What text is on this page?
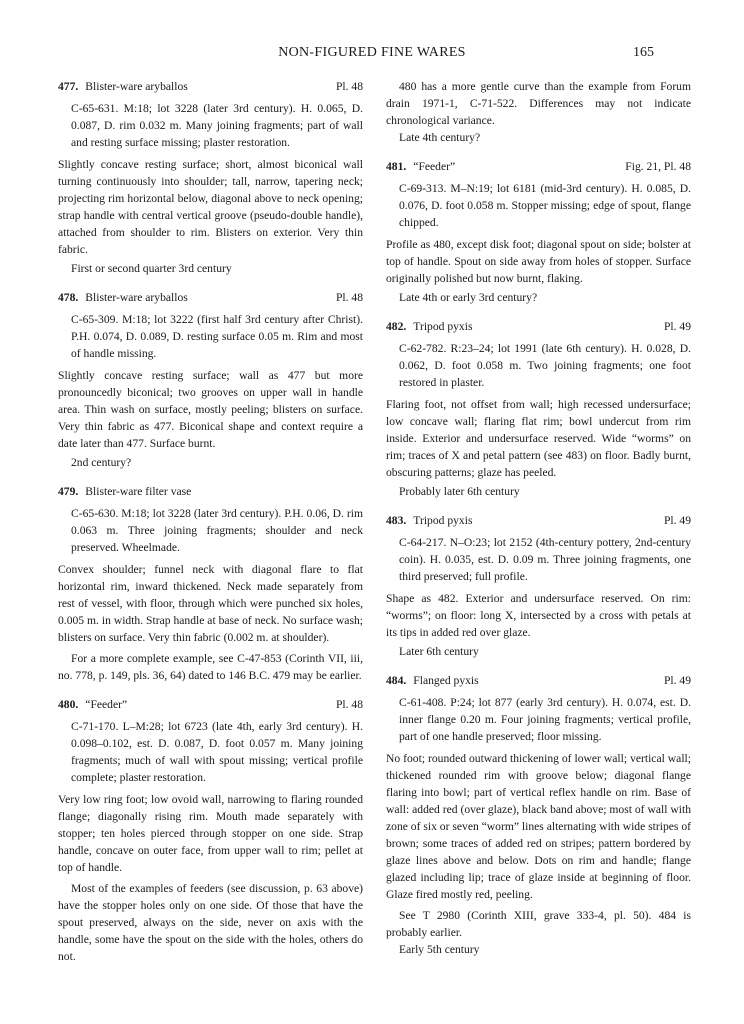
NON-FIGURED FINE WARES	165
477. Blister-ware aryballos	Pl. 48

C-65-631. M:18; lot 3228 (later 3rd century). H. 0.065, D. 0.087, D. rim 0.032 m. Many joining fragments; part of wall and resting surface missing; plaster restoration.

Slightly concave resting surface; short, almost biconical wall turning continuously into shoulder; tall, narrow, tapering neck; projecting rim horizontal below, diagonal above to neck opening; strap handle with central vertical groove (pseudo-double handle), attached from shoulder to rim. Blisters on exterior. Very thin fabric.

First or second quarter 3rd century

478. Blister-ware aryballos	Pl. 48

C-65-309. M:18; lot 3222 (first half 3rd century after Christ). P.H. 0.074, D. 0.089, D. resting surface 0.05 m. Rim and most of handle missing.

Slightly concave resting surface; wall as 477 but more pronouncedly biconical; two grooves on upper wall in handle area. Thin wash on surface, mostly peeling; blisters on surface. Very thin fabric as 477. Biconical shape and context require a date later than 477. Surface burnt.

2nd century?

479. Blister-ware filter vase

C-65-630. M:18; lot 3228 (later 3rd century). P.H. 0.06, D. rim 0.063 m. Three joining fragments; shoulder and neck preserved. Wheelmade.

Convex shoulder; funnel neck with diagonal flare to flat horizontal rim, inward thickened. Neck made separately from rest of vessel, with floor, through which were punched six holes, 0.005 m. in width. Strap handle at base of neck. No surface wash; blisters on surface. Very thin fabric (0.002 m. at shoulder).

For a more complete example, see C-47-853 (Corinth VII, iii, no. 778, p. 149, pls. 36, 64) dated to 146 B.C. 479 may be earlier.

480. “Feeder”	Pl. 48

C-71-170. L–M:28; lot 6723 (late 4th, early 3rd century). H. 0.098–0.102, est. D. 0.087, D. foot 0.057 m. Many joining fragments; much of wall with spout missing; vertical profile complete; plaster restoration.

Very low ring foot; low ovoid wall, narrowing to flaring rounded flange; diagonally rising rim. Mouth made separately with stopper; ten holes pierced through stopper on one side. Strap handle, concave on outer face, from upper wall to rim; pellet at top of handle.

Most of the examples of feeders (see discussion, p. 63 above) have the stopper holes only on one side. Of those that have the spout preserved, always on the side, never on axis with the handle, some have the spout on the side with the holes, others do not.

480 has a more gentle curve than the example from Forum drain 1971-1, C-71-522. Differences may not indicate chronological variance.

Late 4th century?

481. “Feeder”	Fig. 21, Pl. 48

C-69-313. M–N:19; lot 6181 (mid-3rd century). H. 0.085, D. 0.076, D. foot 0.058 m. Stopper missing; edge of spout, flange chipped.

Profile as 480, except disk foot; diagonal spout on side; bolster at top of handle. Spout on side away from holes of stopper. Surface originally polished but now burnt, flaking.

Late 4th or early 3rd century?

482. Tripod pyxis	Pl. 49

C-62-782. R:23–24; lot 1991 (late 6th century). H. 0.028, D. 0.062, D. foot 0.058 m. Two joining fragments; one foot restored in plaster.

Flaring foot, not offset from wall; high recessed undersurface; low concave wall; flaring flat rim; bowl undercut from rim inside. Exterior and undersurface reserved. Wide “worms” on rim; traces of X and petal pattern (see 483) on floor. Badly burnt, obscuring patterns; glaze has peeled.

Probably later 6th century

483. Tripod pyxis	Pl. 49

C-64-217. N–O:23; lot 2152 (4th-century pottery, 2nd-century coin). H. 0.035, est. D. 0.09 m. Three joining fragments, one third preserved; full profile.

Shape as 482. Exterior and undersurface reserved. On rim: “worms”; on floor: long X, intersected by a cross with petals at its tips in added red over glaze.

Later 6th century

484. Flanged pyxis	Pl. 49

C-61-408. P:24; lot 877 (early 3rd century). H. 0.074, est. D. inner flange 0.20 m. Four joining fragments; vertical profile, part of one handle preserved; floor missing.

No foot; rounded outward thickening of lower wall; vertical wall; thickened rounded rim with groove below; diagonal flange flaring into bowl; part of vertical reflex handle on rim. Base of wall: added red (over glaze), black band above; most of wall with zone of six or seven “worm” lines alternating with wide stripes of brown; some traces of added red on stripes; pattern bordered by glaze lines above and below. Dots on rim and handle; flange glazed including lip; trace of glaze inside at beginning of floor. Glaze fired mostly red, peeling.

See T 2980 (Corinth XIII, grave 333-4, pl. 50). 484 is probably earlier.

Early 5th century
